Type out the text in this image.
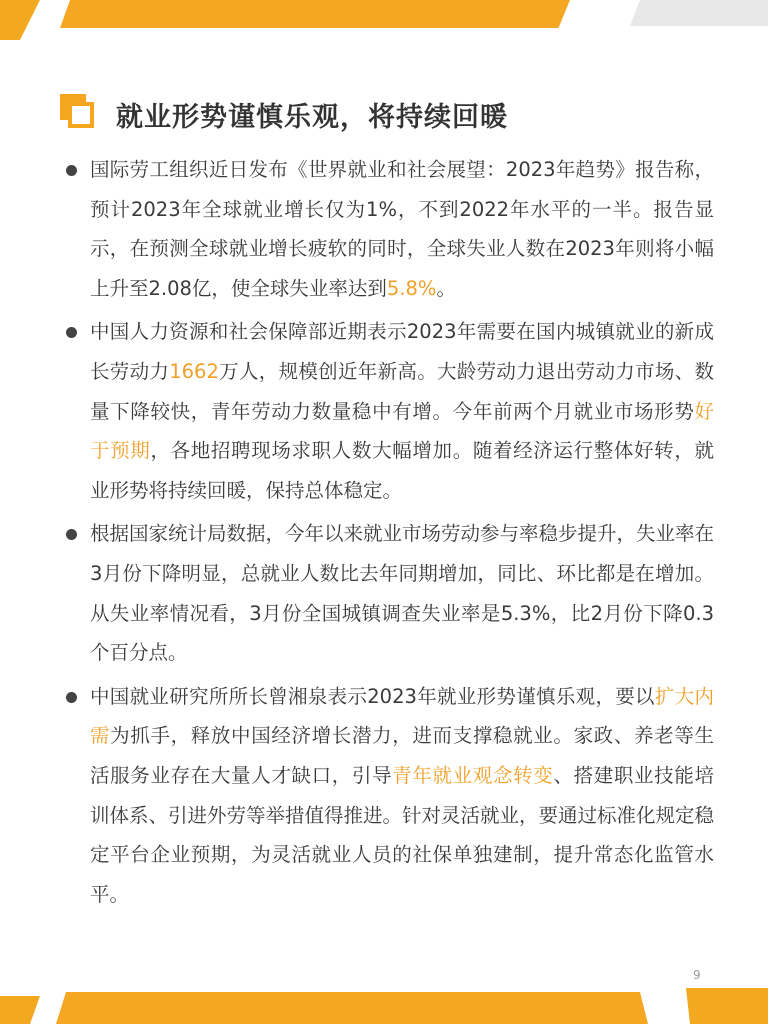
就业形势谨慎乐观，将持续回暖

国际劳工组织近日发布《世界就业和社会展望：2023年趋势》报告称，预计2023年全球就业增长仅为1%，不到2022年水平的一半。报告显示，在预测全球就业增长疲软的同时，全球失业人数在2023年则将小幅上升至2.08亿，使全球失业率达到5.8%。

中国人力资源和社会保障部近期表示2023年需要在国内城镇就业的新成长劳动力1662万人，规模创近年新高。大龄劳动力退出劳动力市场、数量下降较快，青年劳动力数量稳中有增。今年前两个月就业市场形势好于预期，各地招聘现场求职人数大幅增加。随着经济运行整体好转，就业形势将持续回暖，保持总体稳定。

根据国家统计局数据，今年以来就业市场劳动参与率稳步提升，失业率在3月份下降明显，总就业人数比去年同期增加，同比、环比都是在增加。从失业率情况看，3月份全国城镇调查失业率是5.3%，比2月份下降0.3个百分点。

中国就业研究所所长曾湘泉表示2023年就业形势谨慎乐观，要以扩大内需为抓手，释放中国经济增长潜力，进而支撑稳就业。家政、养老等生活服务业存在大量人才缺口，引导青年就业观念转变、搭建职业技能培训体系、引进外劳等举措值得推进。针对灵活就业，要通过标准化规定稳定平台企业预期，为灵活就业人员的社保单独建制，提升常态化监管水平。

9
